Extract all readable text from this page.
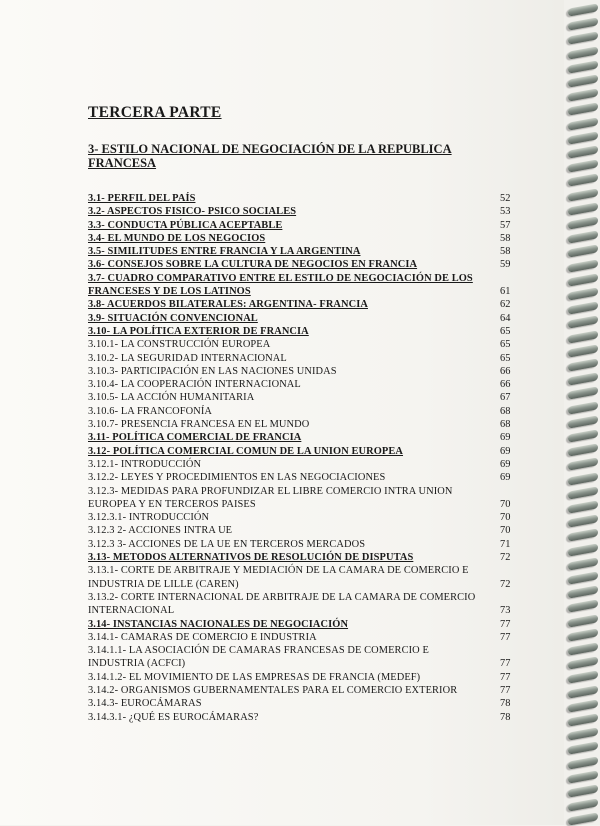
TERCERA PARTE
3- ESTILO NACIONAL DE NEGOCIACIÓN DE LA REPUBLICA FRANCESA
3.1- PERFIL DEL PAÍS	52
3.2- ASPECTOS FISICO- PSICO SOCIALES	53
3.3- CONDUCTA PÚBLICA ACEPTABLE	57
3.4- EL MUNDO DE LOS NEGOCIOS	58
3.5- SIMILITUDES ENTRE FRANCIA Y LA ARGENTINA	58
3.6- CONSEJOS SOBRE LA CULTURA DE NEGOCIOS EN FRANCIA	59
3.7- CUADRO COMPARATIVO ENTRE EL ESTILO DE NEGOCIACIÓN DE LOS FRANCESES Y DE LOS LATINOS	61
3.8- ACUERDOS BILATERALES: ARGENTINA- FRANCIA	62
3.9- SITUACIÓN CONVENCIONAL	64
3.10- LA POLÍTICA EXTERIOR DE FRANCIA	65
3.10.1- LA CONSTRUCCIÓN EUROPEA	65
3.10.2- LA SEGURIDAD INTERNACIONAL	65
3.10.3- PARTICIPACIÓN EN LAS NACIONES UNIDAS	66
3.10.4- LA COOPERACIÓN INTERNACIONAL	66
3.10.5- LA ACCIÓN HUMANITARIA	67
3.10.6- LA FRANCOFONÍA	68
3.10.7- PRESENCIA FRANCESA EN EL MUNDO	68
3.11- POLÍTICA COMERCIAL DE FRANCIA	69
3.12- POLÍTICA COMERCIAL COMUN DE LA UNION EUROPEA	69
3.12.1- INTRODUCCIÓN	69
3.12.2- LEYES Y PROCEDIMIENTOS EN LAS NEGOCIACIONES	69
3.12.3- MEDIDAS PARA PROFUNDIZAR EL LIBRE COMERCIO INTRA UNION EUROPEA Y EN TERCEROS PAISES	70
3.12.3.1- INTRODUCCIÓN	70
3.12.3 2- ACCIONES INTRA UE	70
3.12.3 3- ACCIONES DE LA UE EN TERCEROS MERCADOS	71
3.13- METODOS ALTERNATIVOS DE RESOLUCIÓN DE DISPUTAS	72
3.13.1- CORTE DE ARBITRAJE Y MEDIACIÓN DE LA CAMARA DE COMERCIO E INDUSTRIA DE LILLE (CAREN)	72
3.13.2- CORTE INTERNACIONAL DE ARBITRAJE DE LA CAMARA DE COMERCIO INTERNACIONAL	73
3.14- INSTANCIAS NACIONALES DE NEGOCIACIÓN	77
3.14.1- CAMARAS DE COMERCIO E INDUSTRIA	77
3.14.1.1- LA ASOCIACIÓN DE CAMARAS FRANCESAS DE COMERCIO E INDUSTRIA (ACFCI)	77
3.14.1.2- EL MOVIMIENTO DE LAS EMPRESAS DE FRANCIA (MEDEF)	77
3.14.2- ORGANISMOS GUBERNAMENTALES PARA EL COMERCIO EXTERIOR	77
3.14.3- EUROCÁMARAS	78
3.14.3.1- ¿QUÉ ES EUROCÁMARAS?	78
